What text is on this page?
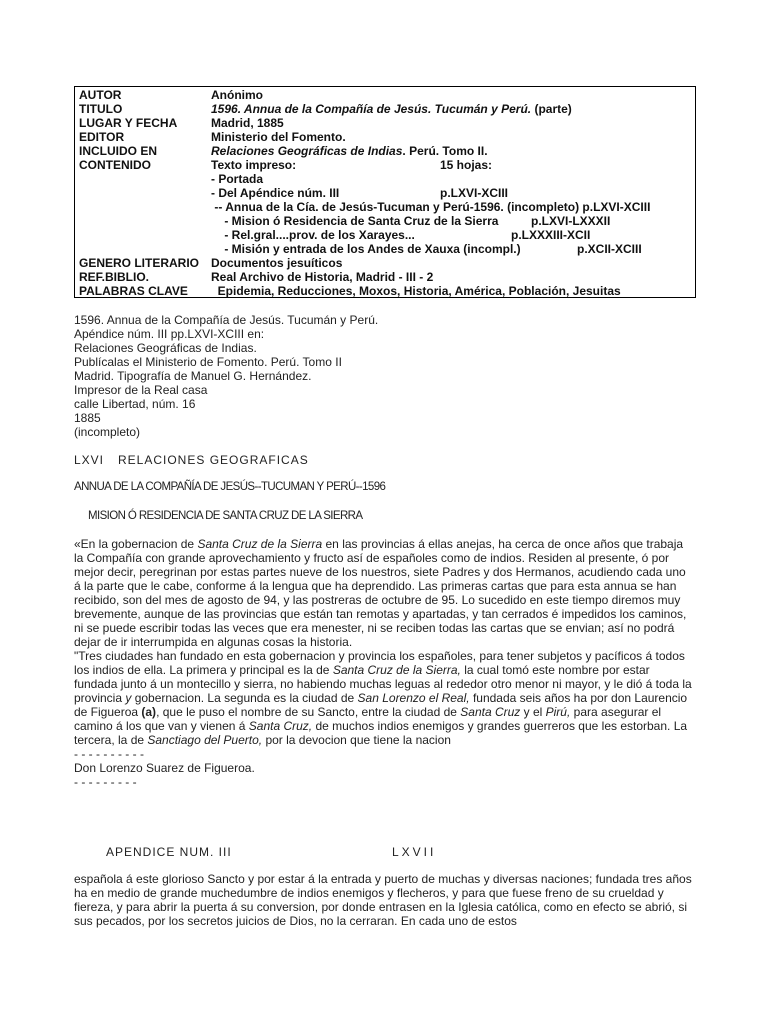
AUTOR	Anónimo
TITULO	1596. Annua de la Compañía de Jesús. Tucumán y Perú. (parte)
LUGAR Y FECHA	Madrid, 1885
EDITOR	Ministerio del Fomento.
INCLUIDO EN	Relaciones Geográficas de Indias. Perú. Tomo II.
CONTENIDO	Texto impreso:	15 hojas:
- Portada
- Del Apéndice núm. III	p.LXVI-XCIII
-- Annua de la Cía. de Jesús-Tucuman y Perú-1596. (incompleto) p.LXVI-XCIII
- Mision ó Residencia de Santa Cruz de la Sierra	p.LXVI-LXXXII
- Rel.gral....prov. de los Xarayes...	p.LXXXIII-XCII
- Misión y entrada de los Andes de Xauxa (incompl.)	p.XCII-XCIII
GENERO LITERARIO Documentos jesuíticos
REF.BIBLIO.	Real Archivo de Historia, Madrid - III - 2
PALABRAS CLAVE	Epidemia, Reducciones, Moxos, Historia, América, Población, Jesuitas
1596. Annua de la Compañía de Jesús. Tucumán y Perú.
Apéndice núm. III pp.LXVI-XCIII en:
Relaciones Geográficas de Indias.
Publícalas el Ministerio de Fomento. Perú. Tomo II
Madrid. Tipografía de Manuel G. Hernández.
Impresor de la Real casa
calle Libertad, núm. 16
1885
(incompleto)
LXVI RELACIONES GEOGRAFICAS
ANNUA DE LA COMPAÑÍA DE JESÚS--TUCUMAN Y PERÚ--1596
MISION Ó RESIDENCIA DE SANTA CRUZ DE LA SIERRA

«En la gobernacion de Santa Cruz de la Sierra en las provincias á ellas anejas, ha cerca de once años que trabaja la Compañía con grande aprovechamiento y fructo así de españoles como de indios. Residen al presente, ó por mejor decir, peregrinan por estas partes nueve de los nuestros, siete Padres y dos Hermanos, acudiendo cada uno á la parte que le cabe, conforme á la lengua que ha deprendido. Las primeras cartas que para esta annua se han recibido, son del mes de agosto de 94, y las postreras de octubre de 95. Lo sucedido en este tiempo diremos muy brevemente, aunque de las provincias que están tan remotas y apartadas, y tan cerrados é impedidos los caminos, ni se puede escribir todas las veces que era menester, ni se reciben todas las cartas que se envian; así no podrá dejar de ir interrumpida en algunas cosas la historia.

"Tres ciudades han fundado en esta gobernacion y provincia los españoles, para tener subjetos y pacíficos á todos los indios de ella. La primera y principal es la de Santa Cruz de la Sierra, la cual tomó este nombre por estar fundada junto á un montecillo y sierra, no habiendo muchas leguas al rededor otro menor ni mayor, y le dió á toda la provincia y gobernacion. La segunda es la ciudad de San Lorenzo el Real, fundada seis años ha por don Laurencio de Figueroa (a), que le puso el nombre de su Sancto, entre la ciudad de Santa Cruz y el Pirú, para asegurar el camino á los que van y vienen á Santa Cruz, de muchos indios enemigos y grandes guerreros que les estorban. La tercera, la de Sanctiago del Puerto, por la devocion que tiene la nacion

- - - - - - - - - -
Don Lorenzo Suarez de Figueroa.
- - - - - - - - -
APENDICE NUM. III	LXVII

española á este glorioso Sancto y por estar á la entrada y puerto de muchas y diversas naciones; fundada tres años ha en medio de grande muchedumbre de indios enemigos y flecheros, y para que fuese freno de su crueldad y fiereza, y para abrir la puerta á su conversion, por donde entrasen en la Iglesia católica, como en efecto se abrió, si sus pecados, por los secretos juicios de Dios, no la cerraran. En cada uno de estos
